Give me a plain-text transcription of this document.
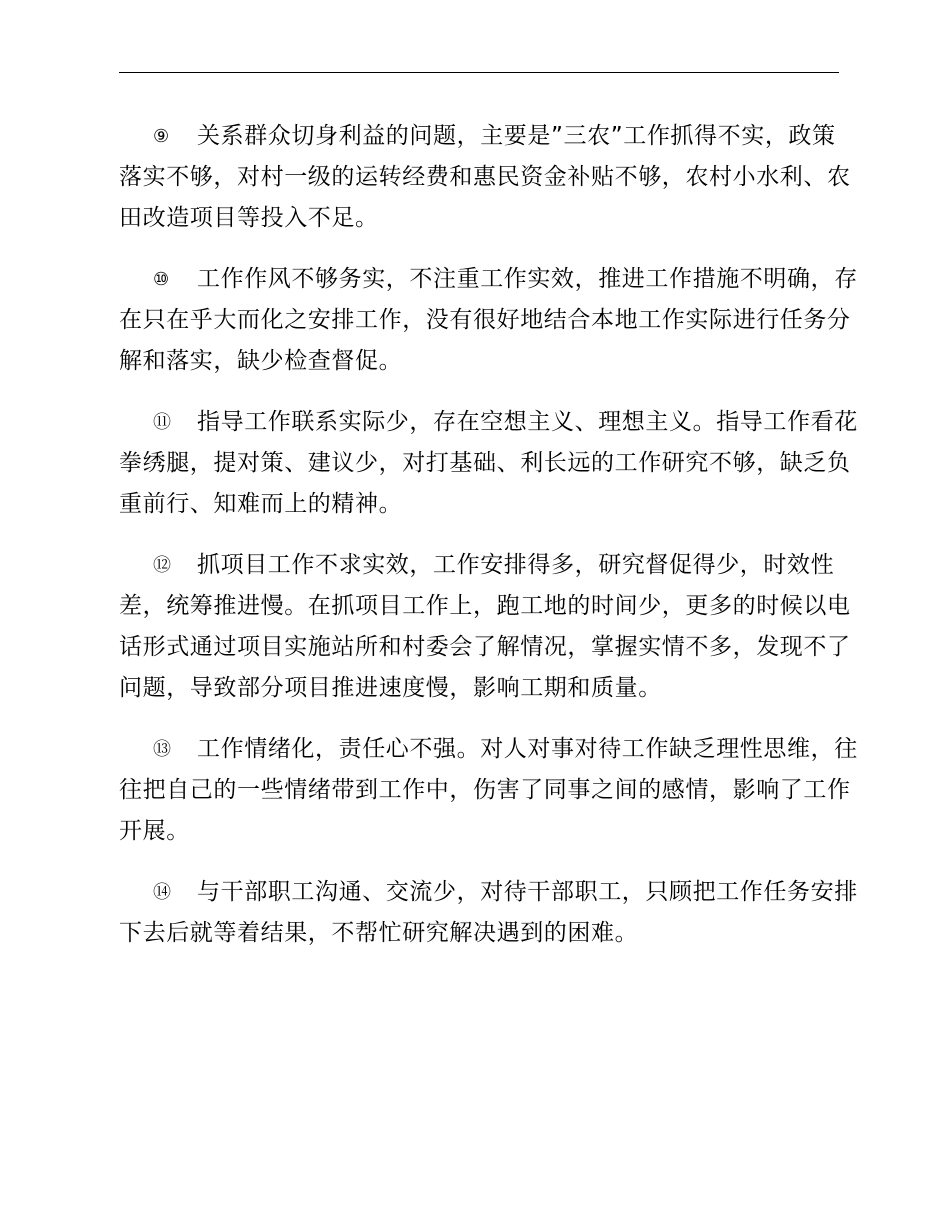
⑨ 关系群众切身利益的问题，主要是”三农”工作抓得不实，政策落实不够，对村一级的运转经费和惠民资金补贴不够，农村小水利、农田改造项目等投入不足。

⑩ 工作作风不够务实，不注重工作实效，推进工作措施不明确，存在只在乎大而化之安排工作，没有很好地结合本地工作实际进行任务分解和落实，缺少检查督促。

⑪ 指导工作联系实际少，存在空想主义、理想主义。指导工作看花拳绣腿，提对策、建议少，对打基础、利长远的工作研究不够，缺乏负重前行、知难而上的精神。

⑫ 抓项目工作不求实效，工作安排得多，研究督促得少，时效性差，统筹推进慢。在抓项目工作上，跑工地的时间少，更多的时候以电话形式通过项目实施站所和村委会了解情况，掌握实情不多，发现不了问题，导致部分项目推进速度慢，影响工期和质量。

⑬ 工作情绪化，责任心不强。对人对事对待工作缺乏理性思维，往往把自己的一些情绪带到工作中，伤害了同事之间的感情，影响了工作开展。

⑭ 与干部职工沟通、交流少，对待干部职工，只顾把工作任务安排下去后就等着结果，不帮忙研究解决遇到的困难。
